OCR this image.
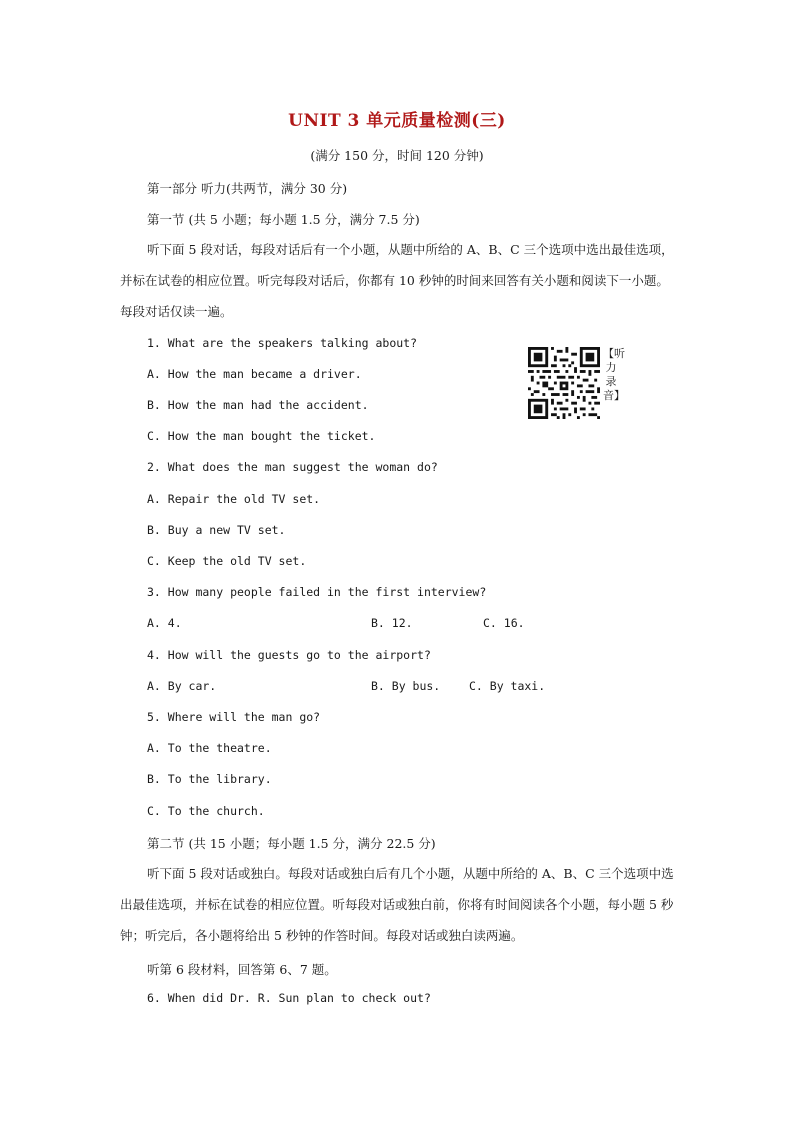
UNIT 3 单元质量检测(三)
(满分 150 分，时间 120 分钟)
第一部分 听力(共两节，满分 30 分)
第一节 (共 5 小题；每小题 1.5 分，满分 7.5 分)
听下面 5 段对话，每段对话后有一个小题，从题中所给的 A、B、C 三个选项中选出最佳选项，并标在试卷的相应位置。听完每段对话后，你都有 10 秒钟的时间来回答有关小题和阅读下一小题。每段对话仅读一遍。
1. What are the speakers talking about?
A. How the man became a driver.
B. How the man had the accident.
C. How the man bought the ticket.
【听力录音】
2. What does the man suggest the woman do?
A. Repair the old TV set.
B. Buy a new TV set.
C. Keep the old TV set.
3. How many people failed in the first interview?
A. 4.	B. 12.	C. 16.
4. How will the guests go to the airport?
A. By car.	B. By bus.	C. By taxi.
5. Where will the man go?
A. To the theatre.
B. To the library.
C. To the church.
第二节 (共 15 小题；每小题 1.5 分，满分 22.5 分)
听下面 5 段对话或独白。每段对话或独白后有几个小题，从题中所给的 A、B、C 三个选项中选出最佳选项，并标在试卷的相应位置。听每段对话或独白前，你将有时间阅读各个小题，每小题 5 秒钟；听完后，各小题将给出 5 秒钟的作答时间。每段对话或独白读两遍。
听第 6 段材料，回答第 6、7 题。
6. When did Dr. R. Sun plan to check out?
